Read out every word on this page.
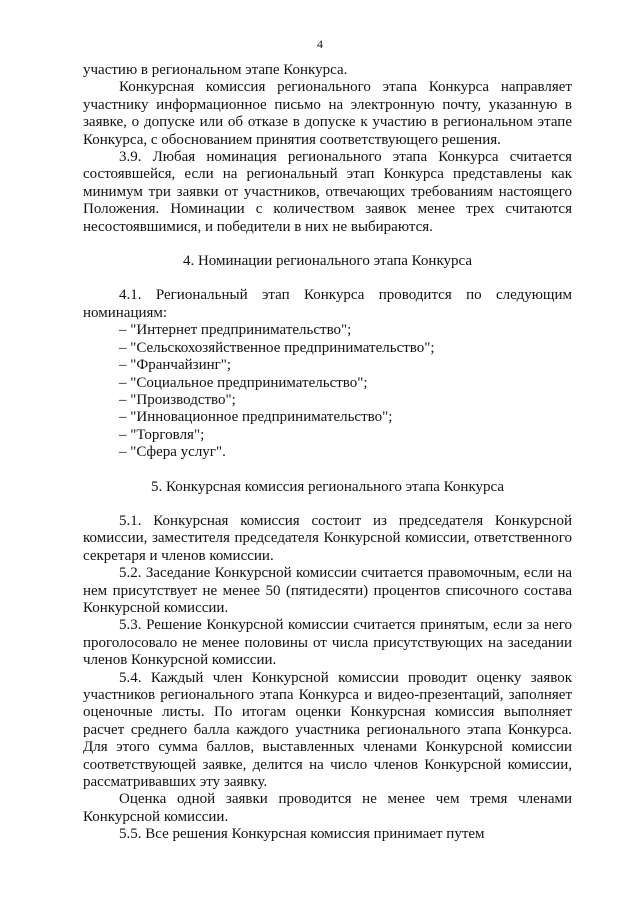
4

участию в региональном этапе Конкурса.

Конкурсная комиссия регионального этапа Конкурса направляет участнику информационное письмо на электронную почту, указанную в заявке, о допуске или об отказе в допуске к участию в региональном этапе Конкурса, с обоснованием принятия соответствующего решения.

3.9. Любая номинация регионального этапа Конкурса считается состоявшейся, если на региональный этап Конкурса представлены как минимум три заявки от участников, отвечающих требованиям настоящего Положения. Номинации с количеством заявок менее трех считаются несостоявшимися, и победители в них не выбираются.

4. Номинации регионального этапа Конкурса

4.1. Региональный этап Конкурса проводится по следующим номинациям:

– "Интернет предпринимательство";
– "Сельскохозяйственное предпринимательство";
– "Франчайзинг";
– "Социальное предпринимательство";
– "Производство";
– "Инновационное предпринимательство";
– "Торговля";
– "Сфера услуг".

5. Конкурсная комиссия регионального этапа Конкурса

5.1. Конкурсная комиссия состоит из председателя Конкурсной комиссии, заместителя председателя Конкурсной комиссии, ответственного секретаря и членов комиссии.

5.2. Заседание Конкурсной комиссии считается правомочным, если на нем присутствует не менее 50 (пятидесяти) процентов списочного состава Конкурсной комиссии.

5.3. Решение Конкурсной комиссии считается принятым, если за него проголосовало не менее половины от числа присутствующих на заседании членов Конкурсной комиссии.

5.4. Каждый член Конкурсной комиссии проводит оценку заявок участников регионального этапа Конкурса и видео-презентаций, заполняет оценочные листы. По итогам оценки Конкурсная комиссия выполняет расчет среднего балла каждого участника регионального этапа Конкурса. Для этого сумма баллов, выставленных членами Конкурсной комиссии соответствующей заявке, делится на число членов Конкурсной комиссии, рассматривавших эту заявку.

Оценка одной заявки проводится не менее чем тремя членами Конкурсной комиссии.

5.5. Все решения Конкурсная комиссия принимает путем
